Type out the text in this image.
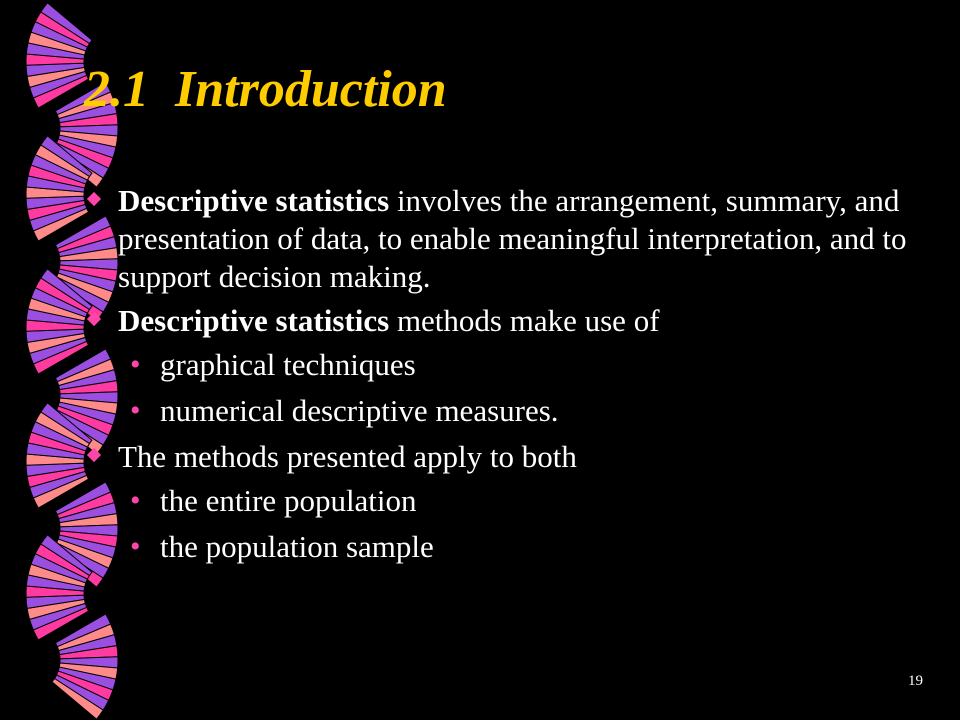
2.1  Introduction

Descriptive statistics involves the arrangement, summary, and presentation of data, to enable meaningful interpretation, and to support decision making.

Descriptive statistics methods make use of

• graphical techniques

• numerical descriptive measures.

The methods presented apply to both

• the entire population

• the population sample

19
